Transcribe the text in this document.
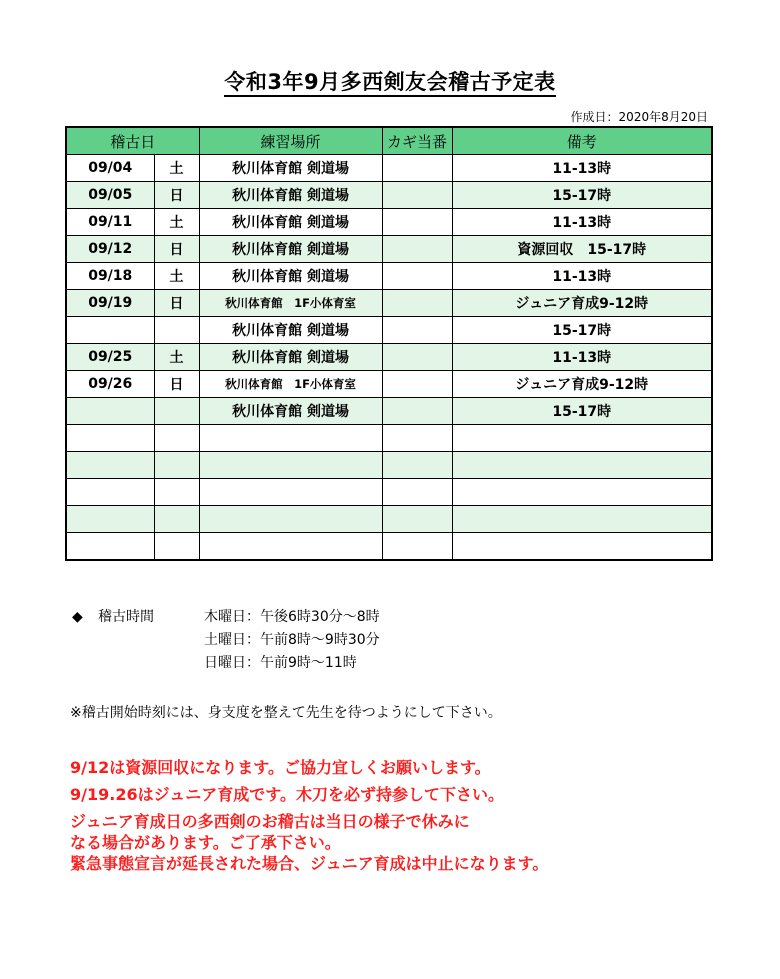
令和3年9月多西剣友会稽古予定表
作成日：2020年8月20日
稽古日		練習場所	カギ当番	備考
09/04	土	秋川体育館 剣道場		11-13時
09/05	日	秋川体育館 剣道場		15-17時
09/11	土	秋川体育館 剣道場		11-13時
09/12	日	秋川体育館 剣道場		資源回収　15-17時
09/18	土	秋川体育館 剣道場		11-13時
09/19	日	秋川体育館　1F小体育室		ジュニア育成9-12時
		秋川体育館 剣道場		15-17時
09/25	土	秋川体育館 剣道場		11-13時
09/26	日	秋川体育館　1F小体育室		ジュニア育成9-12時
		秋川体育館 剣道場		15-17時

◆	稽古時間	木曜日：午後6時30分～8時
土曜日：午前8時～9時30分
日曜日：午前9時～11時
※稽古開始時刻には、身支度を整えて先生を待つようにして下さい。
9/12は資源回収になります。ご協力宜しくお願いします。
9/19.26はジュニア育成です。木刀を必ず持参して下さい。
ジュニア育成日の多西剣のお稽古は当日の様子で休みに
なる場合があります。ご了承下さい。
緊急事態宣言が延長された場合、ジュニア育成は中止になります。
